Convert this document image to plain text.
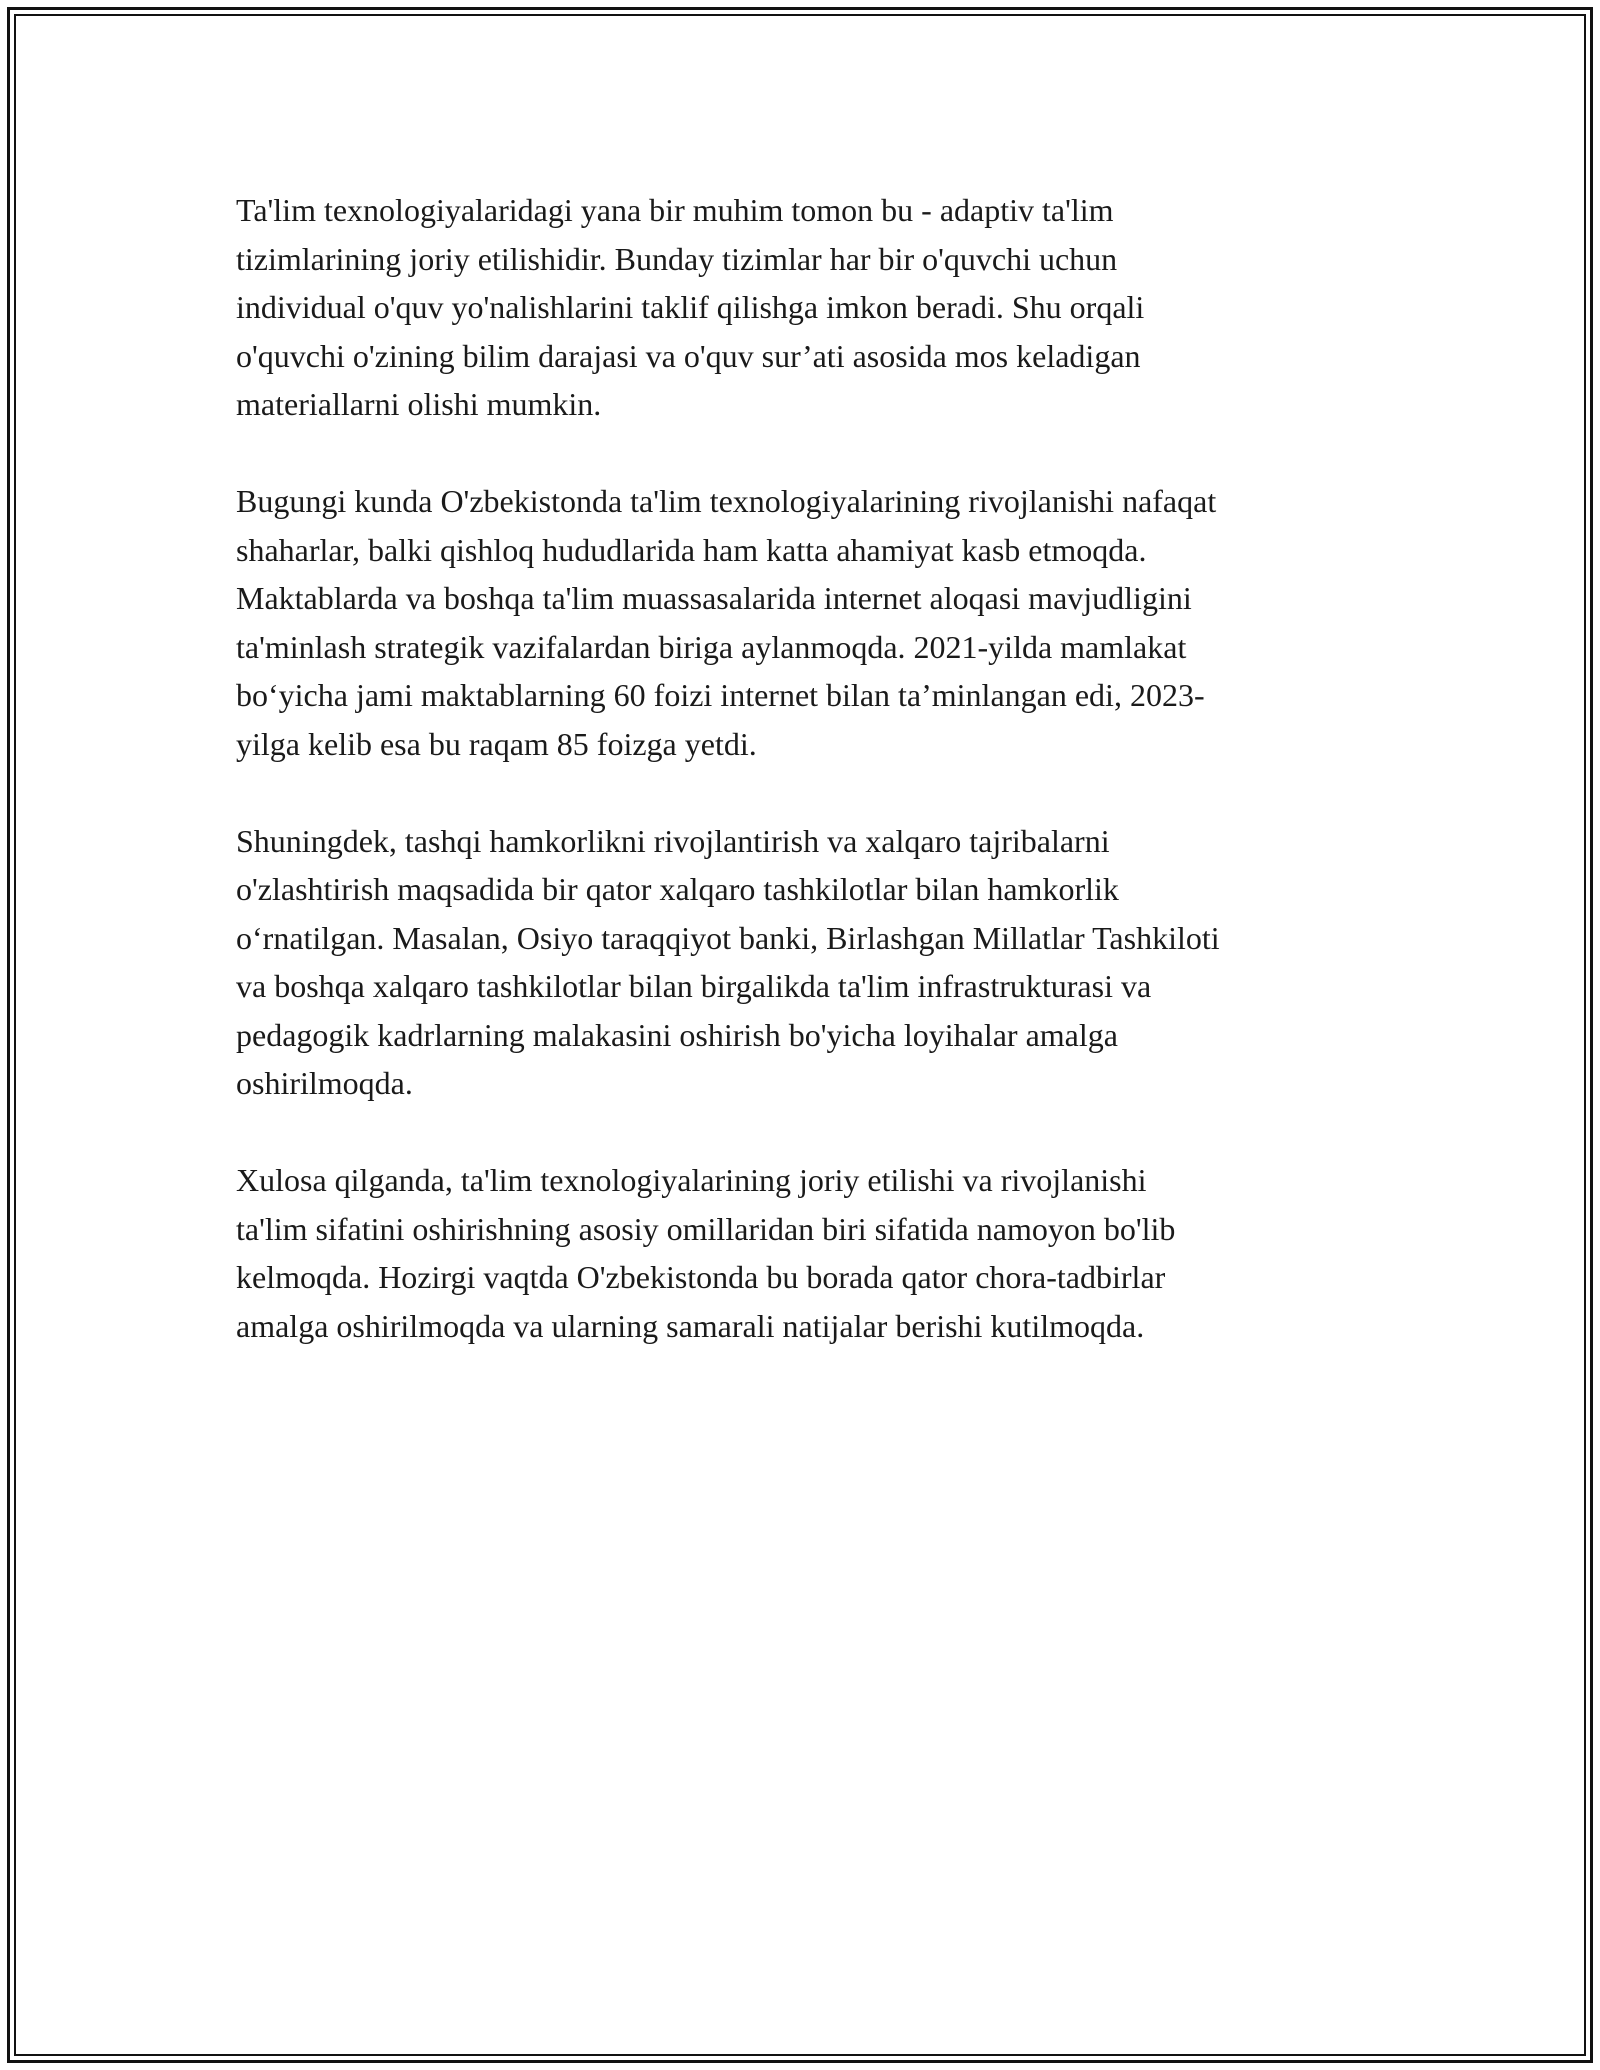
Ta'lim texnologiyalaridagi yana bir muhim tomon bu - adaptiv ta'lim
tizimlarining joriy etilishidir. Bunday tizimlar har bir o'quvchi uchun
individual o'quv yo'nalishlarini taklif qilishga imkon beradi. Shu orqali
o'quvchi o'zining bilim darajasi va o'quv sur’ati asosida mos keladigan
materiallarni olishi mumkin.

Bugungi kunda O'zbekistonda ta'lim texnologiyalarining rivojlanishi nafaqat
shaharlar, balki qishloq hududlarida ham katta ahamiyat kasb etmoqda.
Maktablarda va boshqa ta'lim muassasalarida internet aloqasi mavjudligini
ta'minlash strategik vazifalardan biriga aylanmoqda. 2021-yilda mamlakat
bo‘yicha jami maktablarning 60 foizi internet bilan ta’minlangan edi, 2023-
yilga kelib esa bu raqam 85 foizga yetdi.

Shuningdek, tashqi hamkorlikni rivojlantirish va xalqaro tajribalarni
o'zlashtirish maqsadida bir qator xalqaro tashkilotlar bilan hamkorlik
o‘rnatilgan. Masalan, Osiyo taraqqiyot banki, Birlashgan Millatlar Tashkiloti
va boshqa xalqaro tashkilotlar bilan birgalikda ta'lim infrastrukturasi va
pedagogik kadrlarning malakasini oshirish bo'yicha loyihalar amalga
oshirilmoqda.

Xulosa qilganda, ta'lim texnologiyalarining joriy etilishi va rivojlanishi
ta'lim sifatini oshirishning asosiy omillaridan biri sifatida namoyon bo'lib
kelmoqda. Hozirgi vaqtda O'zbekistonda bu borada qator chora-tadbirlar
amalga oshirilmoqda va ularning samarali natijalar berishi kutilmoqda.
